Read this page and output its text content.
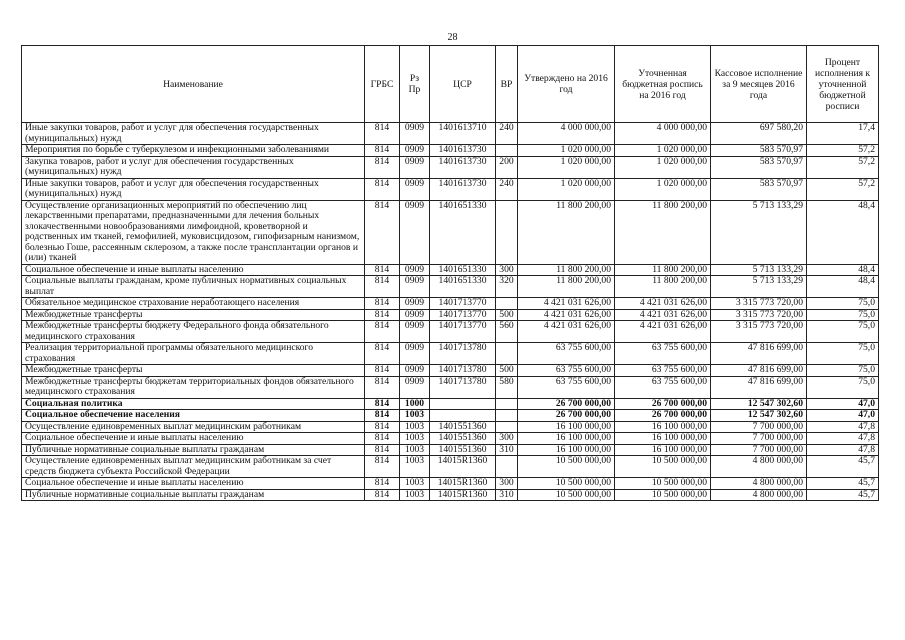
28
Наименование	ГРБС	Рз Пр	ЦСР	ВР	Утверждено на 2016 год	Уточненная бюджетная роспись на 2016 год	Кассовое исполнение за 9 месяцев 2016 года	Процент исполнения к уточненной бюджетной росписи
Иные закупки товаров, работ и услуг для обеспечения государственных (муниципальных) нужд	814	0909	1401613710	240	4 000 000,00	4 000 000,00	697 580,20	17,4
Мероприятия по борьбе с туберкулезом и инфекционными заболеваниями	814	0909	1401613730		1 020 000,00	1 020 000,00	583 570,97	57,2
Закупка товаров, работ и услуг для обеспечения государственных (муниципальных) нужд	814	0909	1401613730	200	1 020 000,00	1 020 000,00	583 570,97	57,2
Иные закупки товаров, работ и услуг для обеспечения государственных (муниципальных) нужд	814	0909	1401613730	240	1 020 000,00	1 020 000,00	583 570,97	57,2
Осуществление организационных мероприятий по обеспечению лиц лекарственными препаратами, предназначенными для лечения больных злокачественными новообразованиями лимфоидной, кроветворной и родственных им тканей, гемофилией, муковисцидозом, гипофизарным нанизмом, болезнью Гоше, рассеянным склерозом, а также после трансплантации органов и (или) тканей	814	0909	1401651330		11 800 200,00	11 800 200,00	5 713 133,29	48,4
Социальное обеспечение и иные выплаты населению	814	0909	1401651330	300	11 800 200,00	11 800 200,00	5 713 133,29	48,4
Социальные выплаты гражданам, кроме публичных нормативных социальных выплат	814	0909	1401651330	320	11 800 200,00	11 800 200,00	5 713 133,29	48,4
Обязательное медицинское страхование неработающего населения	814	0909	1401713770		4 421 031 626,00	4 421 031 626,00	3 315 773 720,00	75,0
Межбюджетные трансферты	814	0909	1401713770	500	4 421 031 626,00	4 421 031 626,00	3 315 773 720,00	75,0
Межбюджетные трансферты бюджету Федерального фонда обязательного медицинского страхования	814	0909	1401713770	560	4 421 031 626,00	4 421 031 626,00	3 315 773 720,00	75,0
Реализация территориальной программы обязательного медицинского страхования	814	0909	1401713780		63 755 600,00	63 755 600,00	47 816 699,00	75,0
Межбюджетные трансферты	814	0909	1401713780	500	63 755 600,00	63 755 600,00	47 816 699,00	75,0
Межбюджетные трансферты бюджетам территориальных фондов обязательного медицинского страхования	814	0909	1401713780	580	63 755 600,00	63 755 600,00	47 816 699,00	75,0
Социальная политика	814	1000			26 700 000,00	26 700 000,00	12 547 302,60	47,0
Социальное обеспечение населения	814	1003			26 700 000,00	26 700 000,00	12 547 302,60	47,0
Осуществление единовременных выплат медицинским работникам	814	1003	1401551360		16 100 000,00	16 100 000,00	7 700 000,00	47,8
Социальное обеспечение и иные выплаты населению	814	1003	1401551360	300	16 100 000,00	16 100 000,00	7 700 000,00	47,8
Публичные нормативные социальные выплаты гражданам	814	1003	1401551360	310	16 100 000,00	16 100 000,00	7 700 000,00	47,8
Осуществление единовременных выплат медицинским работникам за счет средств бюджета субъекта Российской Федерации	814	1003	14015R1360		10 500 000,00	10 500 000,00	4 800 000,00	45,7
Социальное обеспечение и иные выплаты населению	814	1003	14015R1360	300	10 500 000,00	10 500 000,00	4 800 000,00	45,7
Публичные нормативные социальные выплаты гражданам	814	1003	14015R1360	310	10 500 000,00	10 500 000,00	4 800 000,00	45,7
